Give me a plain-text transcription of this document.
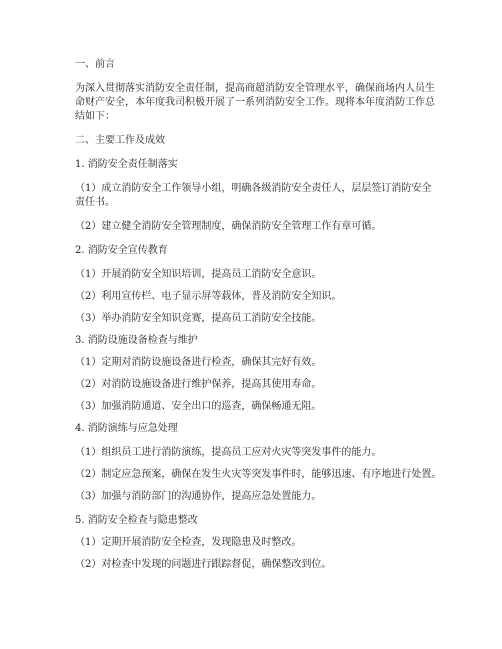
一、前言
为深入贯彻落实消防安全责任制，提高商超消防安全管理水平，确保商场内人员生
命财产安全，本年度我司积极开展了一系列消防安全工作。现将本年度消防工作总
结如下：
二、主要工作及成效
1. 消防安全责任制落实
（1）成立消防安全工作领导小组，明确各级消防安全责任人，层层签订消防安全
责任书。
（2）建立健全消防安全管理制度，确保消防安全管理工作有章可循。
2. 消防安全宣传教育
（1）开展消防安全知识培训，提高员工消防安全意识。
（2）利用宣传栏、电子显示屏等载体，普及消防安全知识。
（3）举办消防安全知识竞赛，提高员工消防安全技能。
3. 消防设施设备检查与维护
（1）定期对消防设施设备进行检查，确保其完好有效。
（2）对消防设施设备进行维护保养，提高其使用寿命。
（3）加强消防通道、安全出口的巡查，确保畅通无阻。
4. 消防演练与应急处理
（1）组织员工进行消防演练，提高员工应对火灾等突发事件的能力。
（2）制定应急预案，确保在发生火灾等突发事件时，能够迅速、有序地进行处置。
（3）加强与消防部门的沟通协作，提高应急处置能力。
5. 消防安全检查与隐患整改
（1）定期开展消防安全检查，发现隐患及时整改。
（2）对检查中发现的问题进行跟踪督促，确保整改到位。
